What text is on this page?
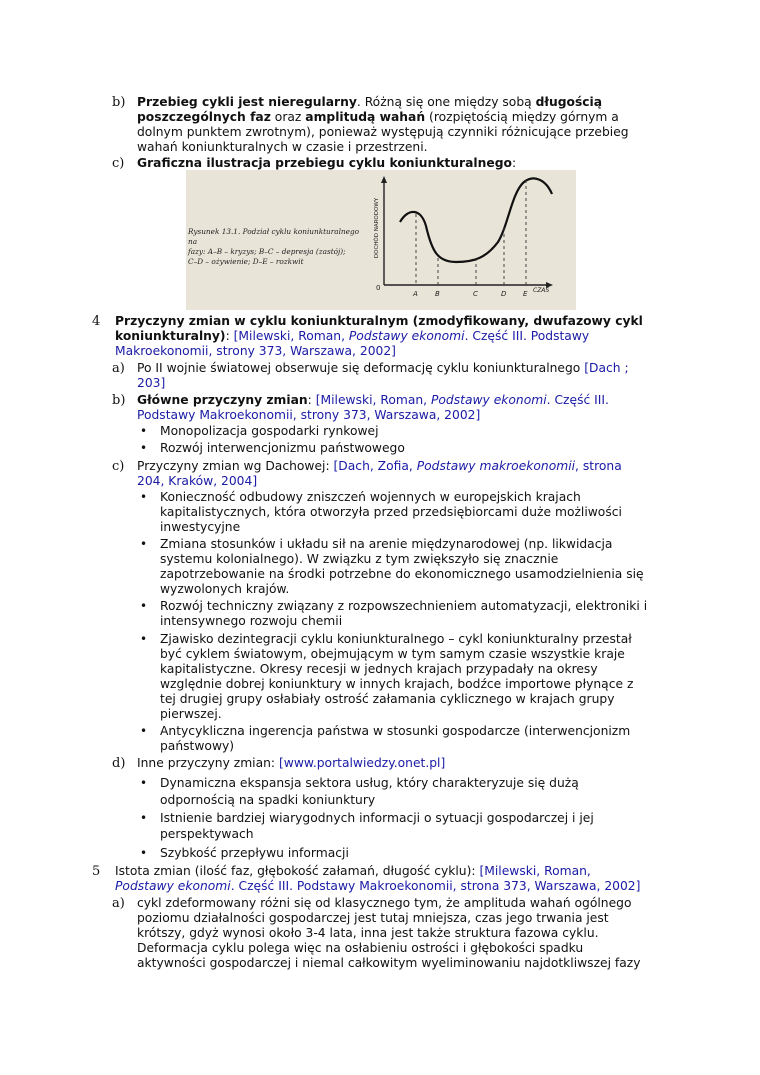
b) Przebieg cykli jest nieregularny. Różną się one między sobą długością
poszczególnych faz oraz amplitudą wahań (rozpiętością między górnym a
dolnym punktem zwrotnym), ponieważ występują czynniki różnicujące przebieg
wahań koniunkturalnych w czasie i przestrzeni.
c) Graficzna ilustracja przebiegu cyklu koniunkturalnego:
Rysunek 13.1. Podział cyklu koniunkturalnego na
fazy: A–B – kryzys; B–C – depresja (zastój);
C–D – ożywienie; D–E – rozkwit
DOCHÓD NARODOWY
0
A B	C	D E CZAS
4 Przyczyny zmian w cyklu koniunkturalnym (zmodyfikowany, dwufazowy cykl
koniunkturalny): [Milewski, Roman, Podstawy ekonomi. Część III. Podstawy
Makroekonomii, strony 373, Warszawa, 2002]
a) Po II wojnie światowej obserwuje się deformację cyklu koniunkturalnego [Dach ;
203]
b) Główne przyczyny zmian: [Milewski, Roman, Podstawy ekonomi. Część III.
Podstawy Makroekonomii, strony 373, Warszawa, 2002]
• Monopolizacja gospodarki rynkowej
• Rozwój interwencjonizmu państwowego
c) Przyczyny zmian wg Dachowej: [Dach, Zofia, Podstawy makroekonomii, strona
204, Kraków, 2004]
• Konieczność odbudowy zniszczeń wojennych w europejskich krajach
kapitalistycznych, która otworzyła przed przedsiębiorcami duże możliwości
inwestycyjne
• Zmiana stosunków i układu sił na arenie międzynarodowej (np. likwidacja
systemu kolonialnego). W związku z tym zwiększyło się znacznie
zapotrzebowanie na środki potrzebne do ekonomicznego usamodzielnienia się
wyzwolonych krajów.
• Rozwój techniczny związany z rozpowszechnieniem automatyzacji, elektroniki i
intensywnego rozwoju chemii
• Zjawisko dezintegracji cyklu koniunkturalnego – cykl koniunkturalny przestał
być cyklem światowym, obejmującym w tym samym czasie wszystkie kraje
kapitalistyczne. Okresy recesji w jednych krajach przypadały na okresy
względnie dobrej koniunktury w innych krajach, bodźce importowe płynące z
tej drugiej grupy osłabiały ostrość załamania cyklicznego w krajach grupy
pierwszej.
• Antycykliczna ingerencja państwa w stosunki gospodarcze (interwencjonizm
państwowy)
d) Inne przyczyny zmian: [www.portalwiedzy.onet.pl]
• Dynamiczna ekspansja sektora usług, który charakteryzuje się dużą
odpornością na spadki koniunktury
• Istnienie bardziej wiarygodnych informacji o sytuacji gospodarczej i jej
perspektywach
• Szybkość przepływu informacji
5 Istota zmian (ilość faz, głębokość załamań, długość cyklu): [Milewski, Roman,
Podstawy ekonomi. Część III. Podstawy Makroekonomii, strona 373, Warszawa, 2002]
a) cykl zdeformowany różni się od klasycznego tym, że amplituda wahań ogólnego
poziomu działalności gospodarczej jest tutaj mniejsza, czas jego trwania jest
krótszy, gdyż wynosi około 3-4 lata, inna jest także struktura fazowa cyklu.
Deformacja cyklu polega więc na osłabieniu ostrości i głębokości spadku
aktywności gospodarczej i niemal całkowitym wyeliminowaniu najdotkliwszej fazy
